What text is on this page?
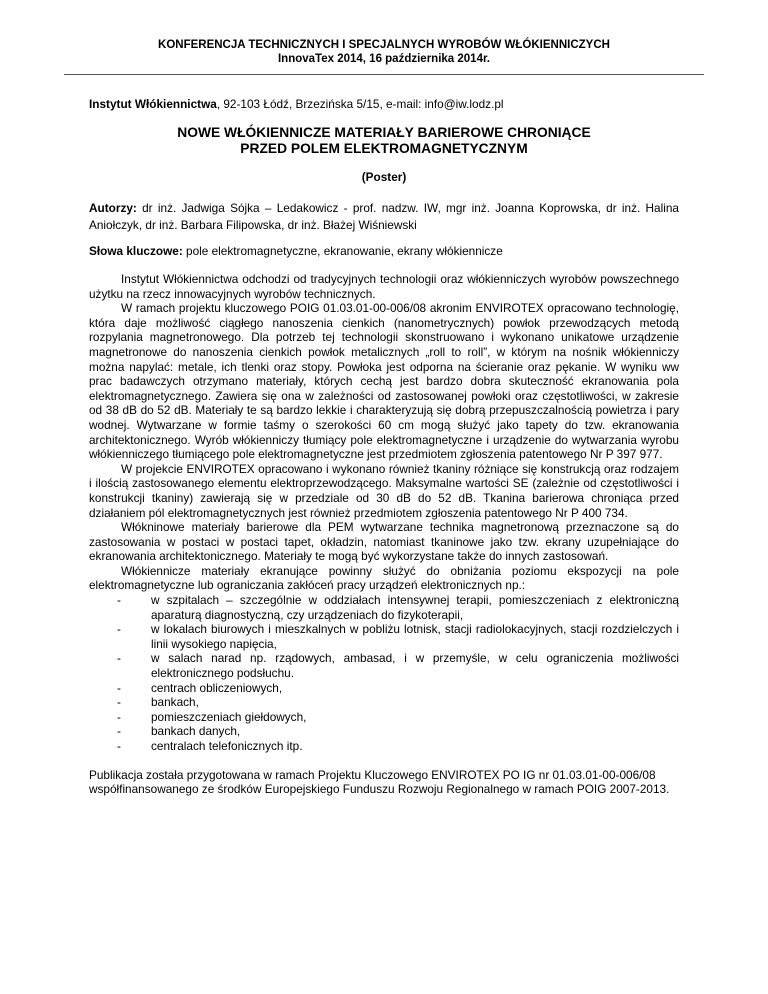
KONFERENCJA TECHNICZNYCH I SPECJALNYCH WYROBÓW WŁÓKIENNICZYCH
InnovaTex 2014, 16 października 2014r.
Instytut Włókiennictwa, 92-103 Łódź, Brzezińska 5/15, e-mail: info@iw.lodz.pl
NOWE WŁÓKIENNICZE MATERIAŁY BARIEROWE CHRONIĄCE
PRZED POLEM ELEKTROMAGNETYCZNYM
(Poster)
Autorzy: dr inż. Jadwiga Sójka – Ledakowicz - prof. nadzw. IW, mgr inż. Joanna Koprowska, dr inż. Halina Aniołczyk, dr inż. Barbara Filipowska, dr inż. Błażej Wiśniewski
Słowa kluczowe: pole elektromagnetyczne, ekranowanie, ekrany włókiennicze

Instytut Włókiennictwa odchodzi od tradycyjnych technologii oraz włókienniczych wyrobów powszechnego użytku na rzecz innowacyjnych wyrobów technicznych.

W ramach projektu kluczowego POIG 01.03.01-00-006/08 akronim ENVIROTEX opracowano technologię, która daje możliwość ciągłego nanoszenia cienkich (nanometrycznych) powłok przewodzących metodą rozpylania magnetronowego. Dla potrzeb tej technologii skonstruowano i wykonano unikatowe urządzenie magnetronowe do nanoszenia cienkich powłok metalicznych „roll to roll”, w którym na nośnik włókienniczy można napylać: metale, ich tlenki oraz stopy. Powłoka jest odporna na ścieranie oraz pękanie. W wyniku ww prac badawczych otrzymano materiały, których cechą jest bardzo dobra skuteczność ekranowania pola elektromagnetycznego. Zawiera się ona w zależności od zastosowanej powłoki oraz częstotliwości, w zakresie od 38 dB do 52 dB. Materiały te są bardzo lekkie i charakteryzują się dobrą przepuszczalnością powietrza i pary wodnej. Wytwarzane w formie taśmy o szerokości 60 cm mogą służyć jako tapety do tzw. ekranowania architektonicznego. Wyrób włókienniczy tłumiący pole elektromagnetyczne i urządzenie do wytwarzania wyrobu włókienniczego tłumiącego pole elektromagnetyczne jest przedmiotem zgłoszenia patentowego Nr P 397 977.

W projekcie ENVIROTEX opracowano i wykonano również tkaniny różniące się konstrukcją oraz rodzajem i ilością zastosowanego elementu elektroprzewodzącego. Maksymalne wartości SE (zależnie od częstotliwości i konstrukcji tkaniny) zawierają się w przedziale od 30 dB do 52 dB. Tkanina barierowa chroniąca przed działaniem pól elektromagnetycznych jest również przedmiotem zgłoszenia patentowego Nr P 400 734.

Włókninowe materiały barierowe dla PEM wytwarzane technika magnetronową przeznaczone są do zastosowania w postaci w postaci tapet, okładzin, natomiast tkaninowe jako tzw. ekrany uzupełniające do ekranowania architektonicznego. Materiały te mogą być wykorzystane także do innych zastosowań.

Włókiennicze materiały ekranujące powinny służyć do obniżania poziomu ekspozycji na pole elektromagnetyczne lub ograniczania zakłóceń pracy urządzeń elektronicznych np.:

-	w szpitalach – szczególnie w oddziałach intensywnej terapii, pomieszczeniach z elektroniczną aparaturą diagnostyczną, czy urządzeniach do fizykoterapii,
-	w lokalach biurowych i mieszkalnych w pobliżu lotnisk, stacji radiolokacyjnych, stacji rozdzielczych i linii wysokiego napięcia,
-	w salach narad np. rządowych, ambasad, i w przemyśle, w celu ograniczenia możliwości elektronicznego podsłuchu.
-	centrach obliczeniowych,
-	bankach,
-	pomieszczeniach giełdowych,
-	bankach danych,
-	centralach telefonicznych itp.
Publikacja została przygotowana w ramach Projektu Kluczowego ENVIROTEX PO IG nr 01.03.01-00-006/08 współfinansowanego ze środków Europejskiego Funduszu Rozwoju Regionalnego w ramach POIG 2007-2013.
